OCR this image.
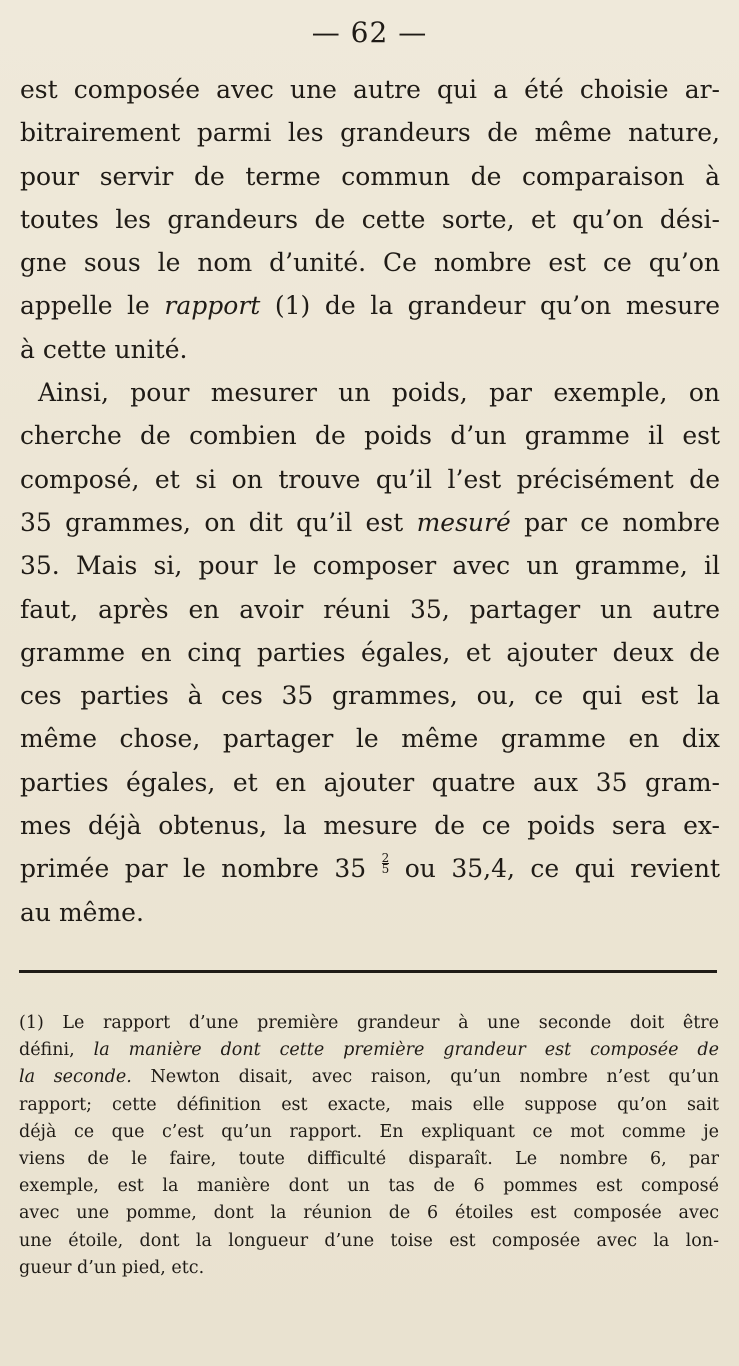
— 62 —
est composée avec une autre qui a été choisie ar-
bitrairement parmi les grandeurs de même nature,
pour servir de terme commun de comparaison à
toutes les grandeurs de cette sorte, et qu’on dési-
gne sous le nom d’unité. Ce nombre est ce qu’on
appelle le rapport (1) de la grandeur qu’on mesure
à cette unité.
Ainsi, pour mesurer un poids, par exemple, on
cherche de combien de poids d’un gramme il est
composé, et si on trouve qu’il l’est précisément de
35 grammes, on dit qu’il est mesuré par ce nombre
35. Mais si, pour le composer avec un gramme, il
faut, après en avoir réuni 35, partager un autre
gramme en cinq parties égales, et ajouter deux de
ces parties à ces 35 grammes, ou, ce qui est la
même chose, partager le même gramme en dix
parties égales, et en ajouter quatre aux 35 gram-
mes déjà obtenus, la mesure de ce poids sera ex-
primée par le nombre $35 \frac{2}{5}$ ou 35,4, ce qui revient
au même.
(1) Le rapport d’une première grandeur à une seconde doit être
défini, la manière dont cette première grandeur est composée de
la seconde. Newton disait, avec raison, qu’un nombre n’est qu’un
rapport; cette définition est exacte, mais elle suppose qu’on sait
déjà ce que c’est qu’un rapport. En expliquant ce mot comme je
viens de le faire, toute difficulté disparaît. Le nombre 6, par
exemple, est la manière dont un tas de 6 pommes est composé
avec une pomme, dont la réunion de 6 étoiles est composée avec
une étoile, dont la longueur d’une toise est composée avec la lon-
gueur d’un pied, etc.
